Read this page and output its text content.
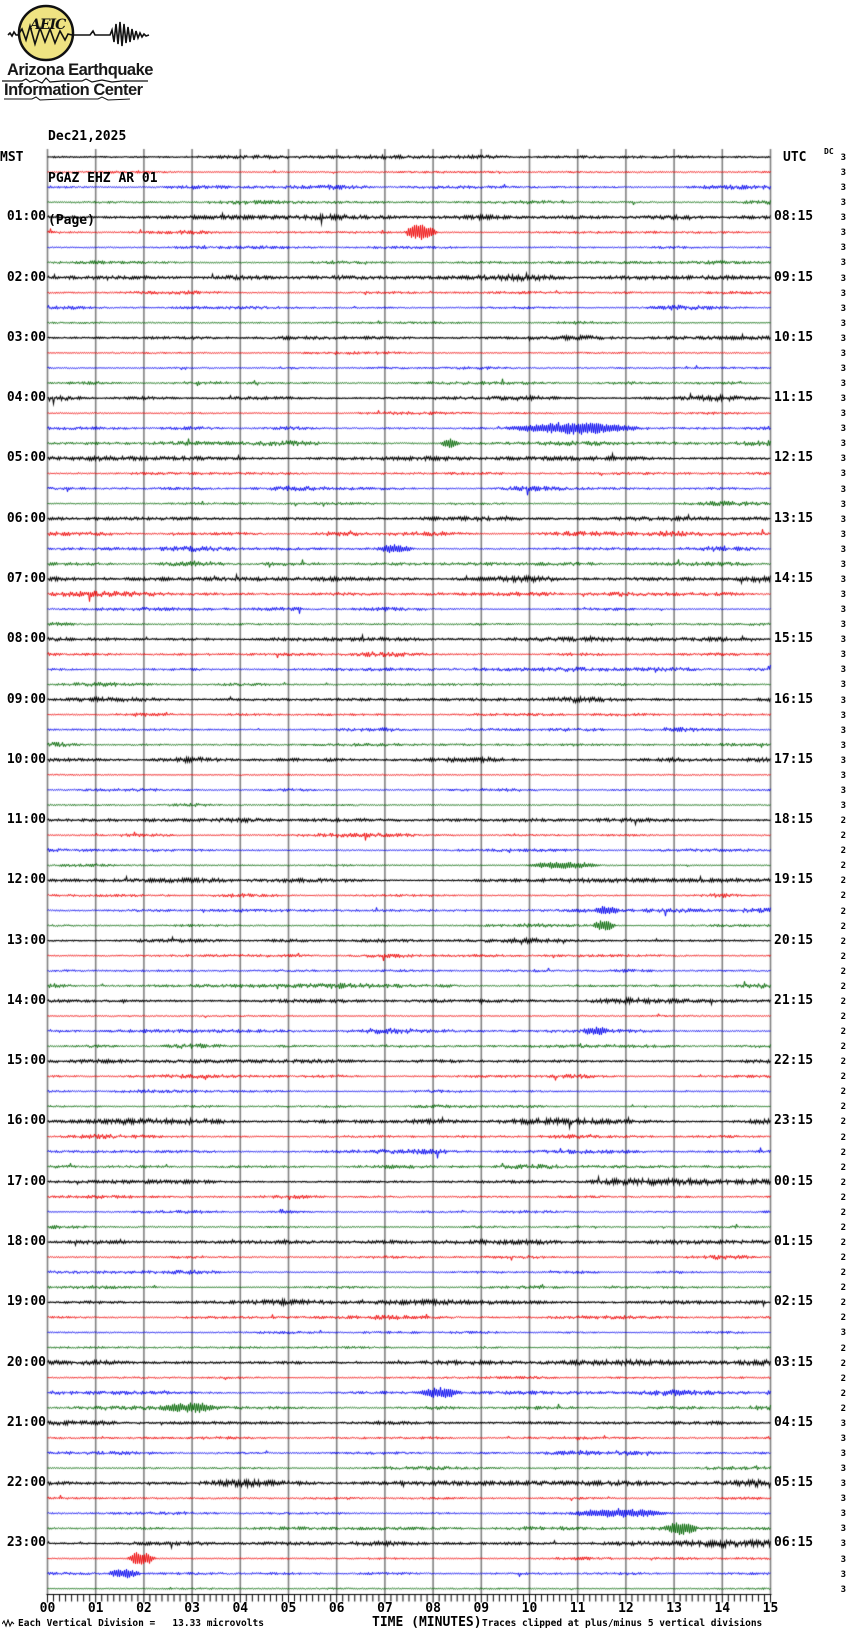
AEIC
Arizona Earthquake
Information Center

Dec21,2025

PGAZ EHZ AR 01

(Page)

MST	UTC DC
01:00	08:15
02:00	09:15
03:00	10:15
04:00	11:15
05:00	12:15
06:00	13:15
07:00	14:15
08:00	15:15
09:00	16:15
10:00	17:15
11:00	18:15
12:00	19:15
13:00	20:15
14:00	21:15
15:00	22:15
16:00	23:15
17:00	00:15
18:00	01:15
19:00	02:15
20:00	03:15
21:00	04:15
22:00	05:15
23:00	06:15
3
3
3
3
3
3
3
3
3
3
3
3
3
3
3
3
3
3
3
3
3
3
3
3
3
3
3
3
3
3
3
3
3
3
3
3
3
3
3
3
3
3
3
3
2
2
2
2
2
2
2
2
2
2
2
2
2
2
2
2
2
2
2
2
2
2
2
2
2
2
2
2
2
2
2
2
2
2
3
2
2
2
2
2
3
3
3
3
3
3
3
3
3
3
3
3
00	01	02	03	04	05	06	07	08	09	10	11	12	13	14	15
TIME (MINUTES)
Each Vertical Division =   13.33 microvolts	Traces clipped at plus/minus 5 vertical divisions
